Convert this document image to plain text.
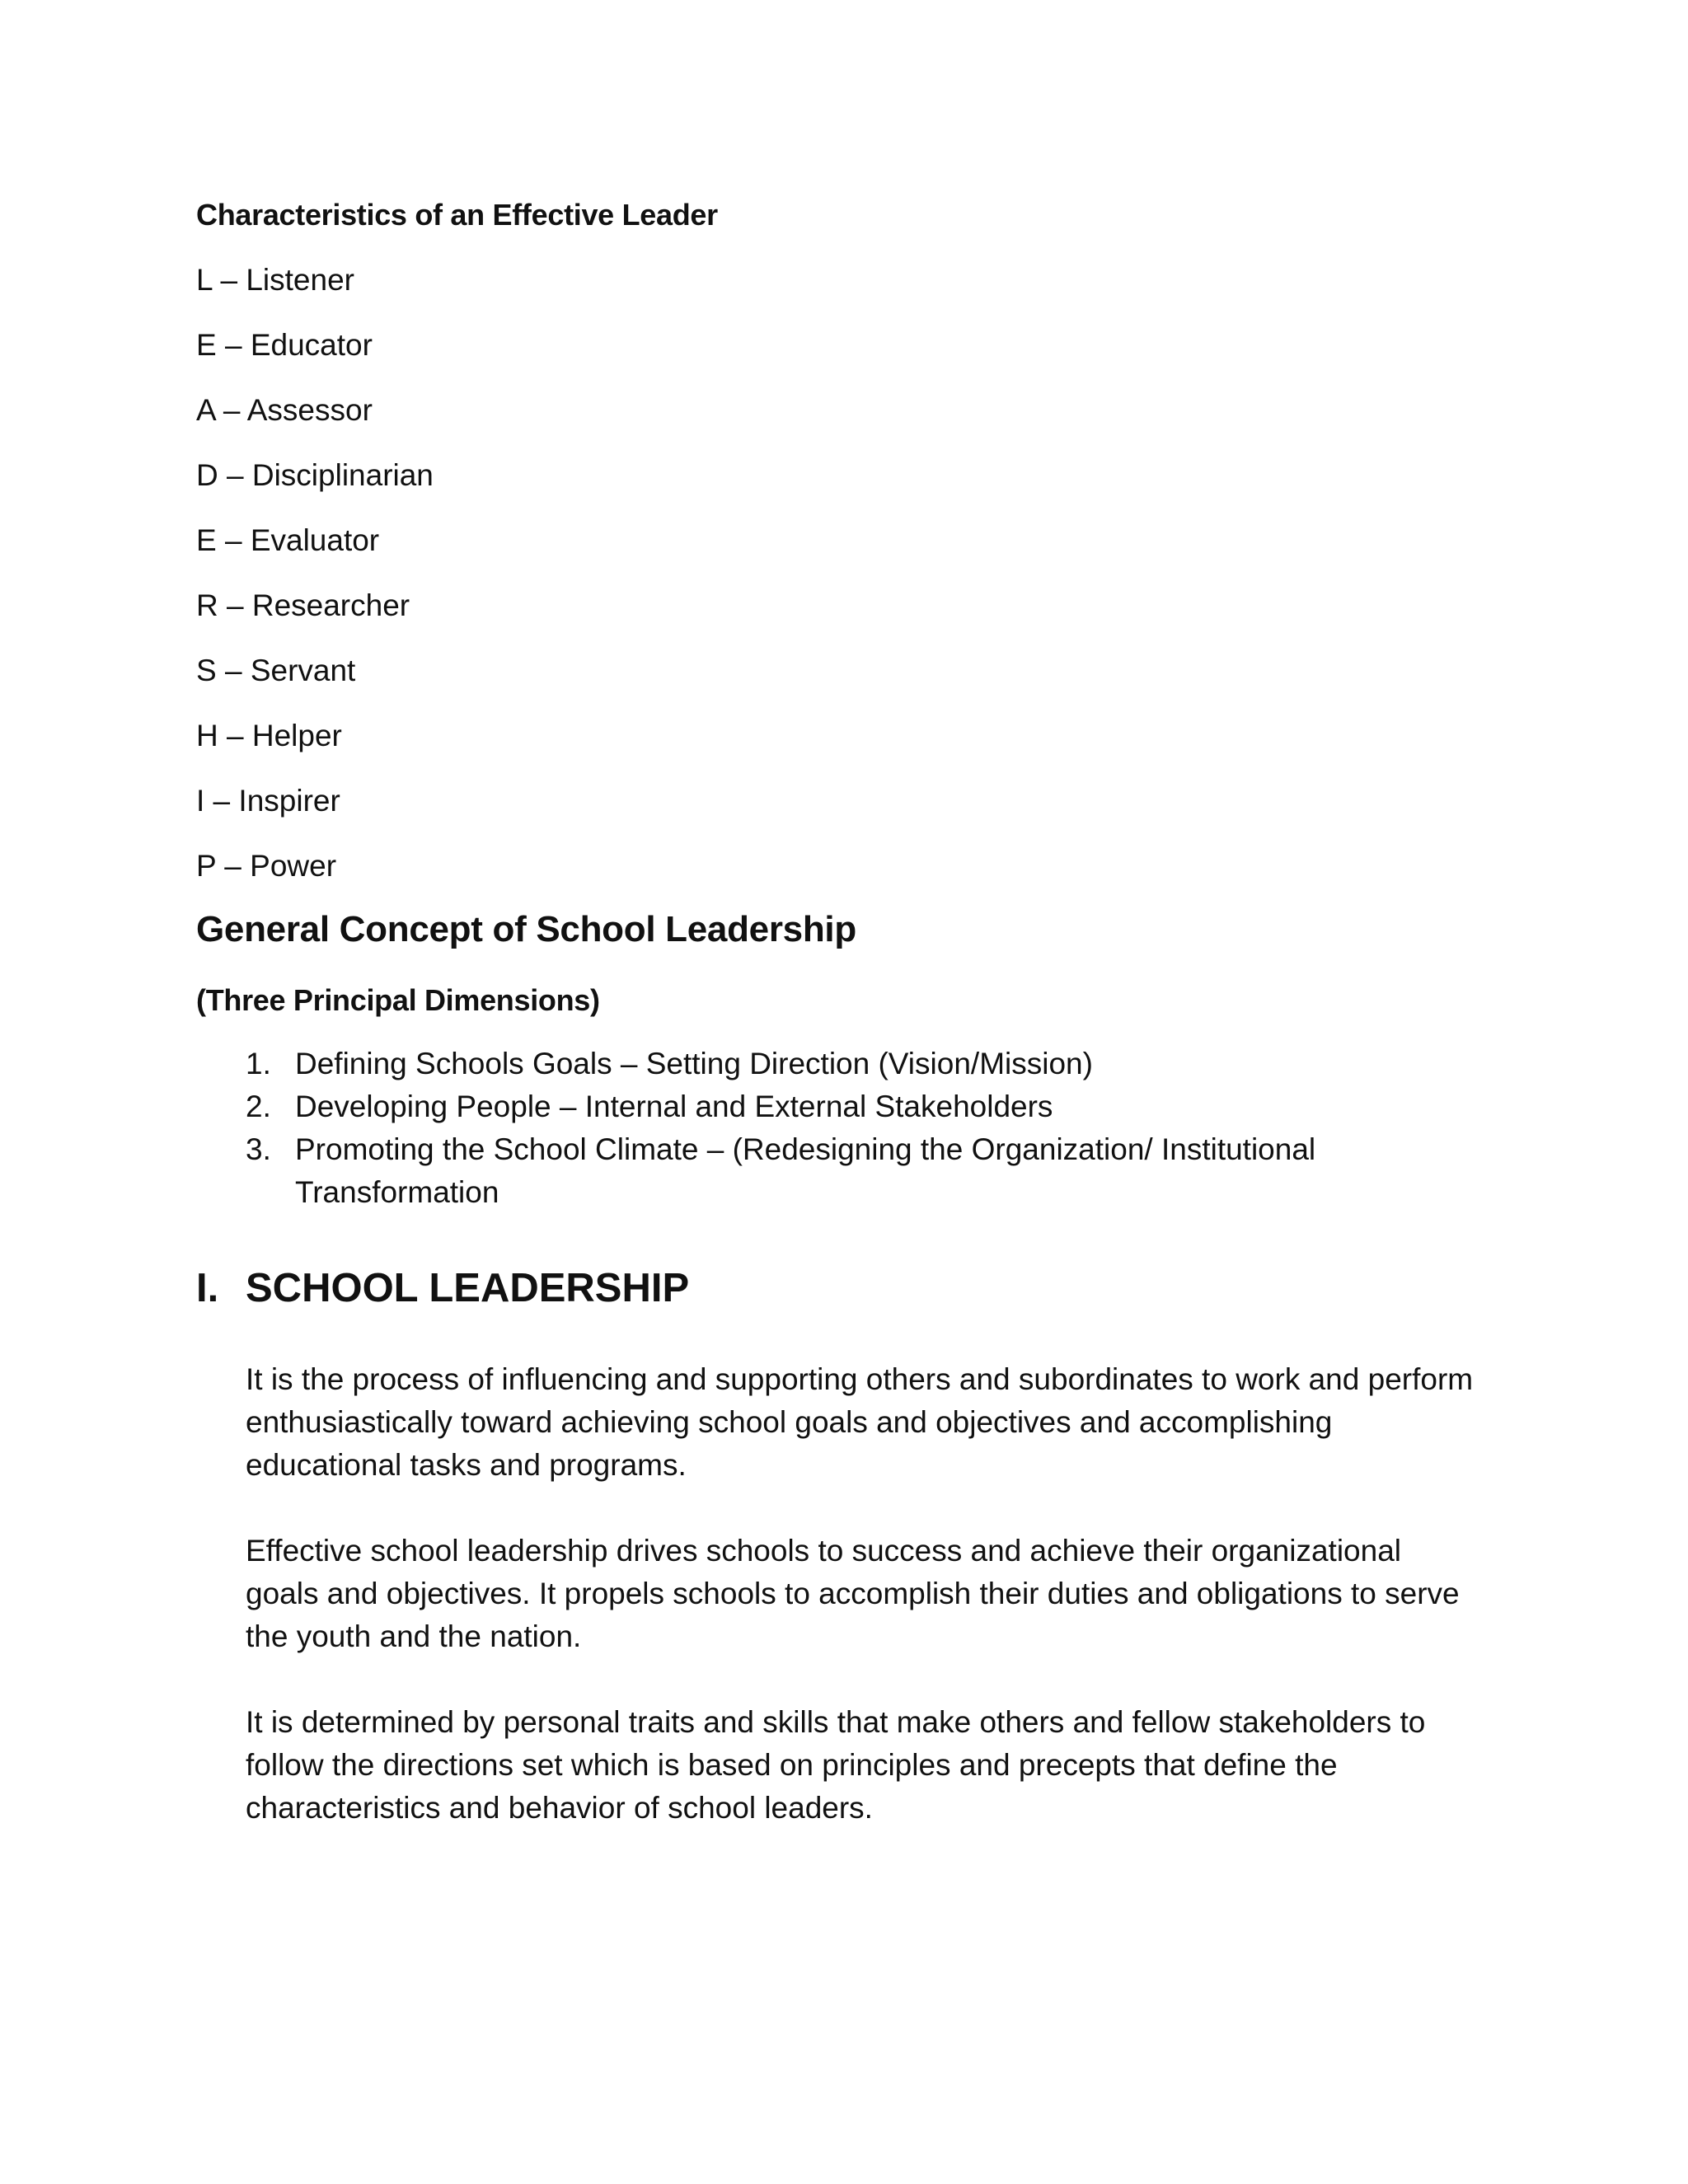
Characteristics of an Effective Leader
L – Listener
E – Educator
A – Assessor
D – Disciplinarian
E – Evaluator
R – Researcher
S – Servant
H – Helper
I – Inspirer
P – Power
General Concept of School Leadership
(Three Principal Dimensions)
1. Defining Schools Goals – Setting Direction (Vision/Mission)
2. Developing People – Internal and External Stakeholders
3. Promoting the School Climate – (Redesigning the Organization/ Institutional Transformation
I. SCHOOL LEADERSHIP

It is the process of influencing and supporting others and subordinates to work and perform enthusiastically toward achieving school goals and objectives and accomplishing educational tasks and programs.

Effective school leadership drives schools to success and achieve their organizational goals and objectives. It propels schools to accomplish their duties and obligations to serve the youth and the nation.

It is determined by personal traits and skills that make others and fellow stakeholders to follow the directions set which is based on principles and precepts that define the characteristics and behavior of school leaders.
